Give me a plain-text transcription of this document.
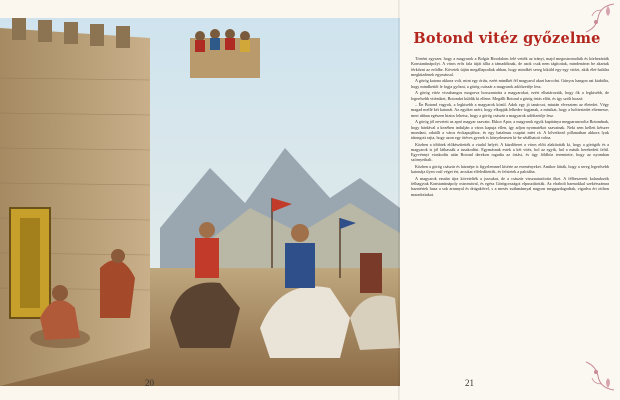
Botond vitéz győzelme

Történt egyszer, hogy a magyarok a Bolgár Birodalom felé vették az irányt, majd megostromolták és körbezárták Konstantinápolyt. A város erős fala útját állta a támadóknak, de azok csak nem tágítottak, mindenáron be akartak férkőzni az erődbe. Követek útján megállapodtak abban, hogy mindkét sereg kiküld egy-egy vitézt, akik élet-halálra megküzdenek egymással.

A görög katona akkora volt, mint egy óriás, ezért mindkét fél magyarul akart harcolni. Gúnyos hangon azt kiabálta, hogy mindkettőt le fogja győzni, a görög császár a magyarok adófizetője lesz.

A görög vitéz visszhangos mogorva hosszantotta a magyarokat, ezért elhatározták, hogy ők a legkisebb, de legerősebb vitézüket, Botondot küldik ki ellene. Megállt Botond a görög óriás előtt, és így szólt hozzá:

– Én Botond vagyok, a legkisebb a magyarok közül. Adok egy jó tanácsot, miután elvesztem az életedet. Végy magad mellé két katonát. Az egyiket azért, hogy elkapják lelkedre fogjanak, a másikat, hogy a holttestedet eltemesse, mert abban egészen biztos lehetsz, hogy a görög császár a magyarok adófizetője lesz.

A görög jól nevetett az apró magyar szavain. Ekkor Apor, a magyarok egyik kapitánya megparancsolta Botondnak, hogy bárdával a kezében indulján a város kapuja ellen, így adjon nyomatékot szavainak. Neki sem kellett kétszer mondani, odaállt a város érckapujához, és egy hatalmas csapást mért rá. A kővetkező pillanatban akkora lyuk tátongott rajta, hogy azon egy ötéves gyerek is könyelmesen ki-be sétálhatott volna.

Közben a többiek előkészítették a viadal helyét. A küzdőteret a város előtt alakították ki, hogy a görögök és a magyarok is jól láthassák a tusakodást. Egymásnak estek a két vitéz, hol az egyik, hol a másik kerekedett felül. Egyvénnyi viaskodás után Botond derekon ragadta az óriást, és úgy földhöz teremtette, hogy az nyomban szörnyethalt.

Közben a görög császár és háznépe is figyelemmel kísérte az eseményeket. Amikor látták, hogy a sereg legerősebb katonája ilyen csúf véget ért, arcukat elfeledítették, és felsietek a palotába.

A magyarok ezután újra követelték a jussukat, de a császár visszautasította őket. A félbeszerett kalandozók felhagytak Konstantinápoly ostromával, és egész Görögországot elpusztították. Az elrabolt barmokkal szekérszámra hazatértek haza a sok arannyal és drágakővel, s a mesés zsákmánnyal nagyon meggazdagodtak, vigadva ért otthon maradottakat.

20	21
